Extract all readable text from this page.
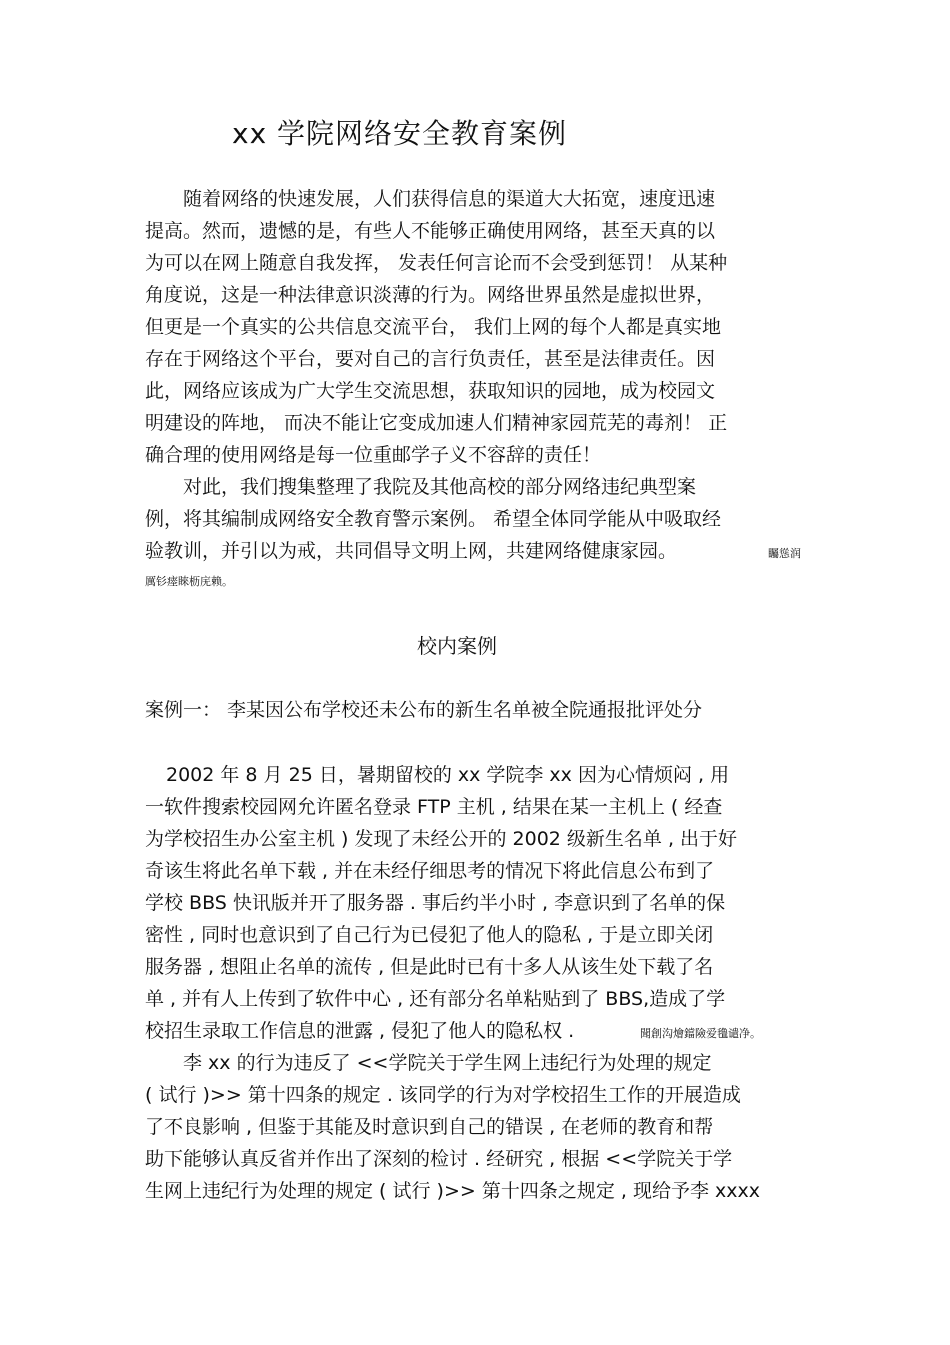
xx 学院网络安全教育案例
随着网络的快速发展，人们获得信息的渠道大大拓宽，速度迅速
提高。然而，遗憾的是，有些人不能够正确使用网络，甚至天真的以
为可以在网上随意自我发挥， 发表任何言论而不会受到惩罚！ 从某种
角度说，这是一种法律意识淡薄的行为。网络世界虽然是虚拟世界，
但更是一个真实的公共信息交流平台， 我们上网的每个人都是真实地
存在于网络这个平台，要对自己的言行负责任，甚至是法律责任。因
此，网络应该成为广大学生交流思想，获取知识的园地，成为校园文
明建设的阵地， 而决不能让它变成加速人们精神家园荒芜的毒剂！ 正
确合理的使用网络是每一位重邮学子义不容辞的责任！
对此，我们搜集整理了我院及其他高校的部分网络违纪典型案
例，将其编制成网络安全教育警示案例。 希望全体同学能从中吸取经
验教训，并引以为戒，共同倡导文明上网，共建网络健康家园。	矚慫润
厲钐瘗睞枥庑赖。
校内案例
案例一： 李某因公布学校还未公布的新生名单被全院通报批评处分
2002 年 8 月 25 日，暑期留校的 xx 学院李 xx 因为心情烦闷 , 用
一软件搜索校园网允许匿名登录 FTP 主机 , 结果在某一主机上 ( 经查
为学校招生办公室主机 ) 发现了未经公开的 2002 级新生名单 , 出于好
奇该生将此名单下载 , 并在未经仔细思考的情况下将此信息公布到了
学校 BBS 快讯版并开了服务器 . 事后约半小时 , 李意识到了名单的保
密性 , 同时也意识到了自己行为已侵犯了他人的隐私 , 于是立即关闭
服务器 , 想阻止名单的流传 , 但是此时已有十多人从该生处下载了名
单 , 并有人上传到了软件中心 , 还有部分名单粘贴到了 BBS,造成了学
校招生录取工作信息的泄露 , 侵犯了他人的隐私权 .	聞創沟燴鐺險爱氇谴净。
李 xx 的行为违反了 <<学院关于学生网上违纪行为处理的规定
( 试行 )>> 第十四条的规定 . 该同学的行为对学校招生工作的开展造成
了不良影响 , 但鉴于其能及时意识到自己的错误 , 在老师的教育和帮
助下能够认真反省并作出了深刻的检讨 . 经研究 , 根据 <<学院关于学
生网上违纪行为处理的规定 ( 试行 )>> 第十四条之规定 , 现给予李 xxxx
